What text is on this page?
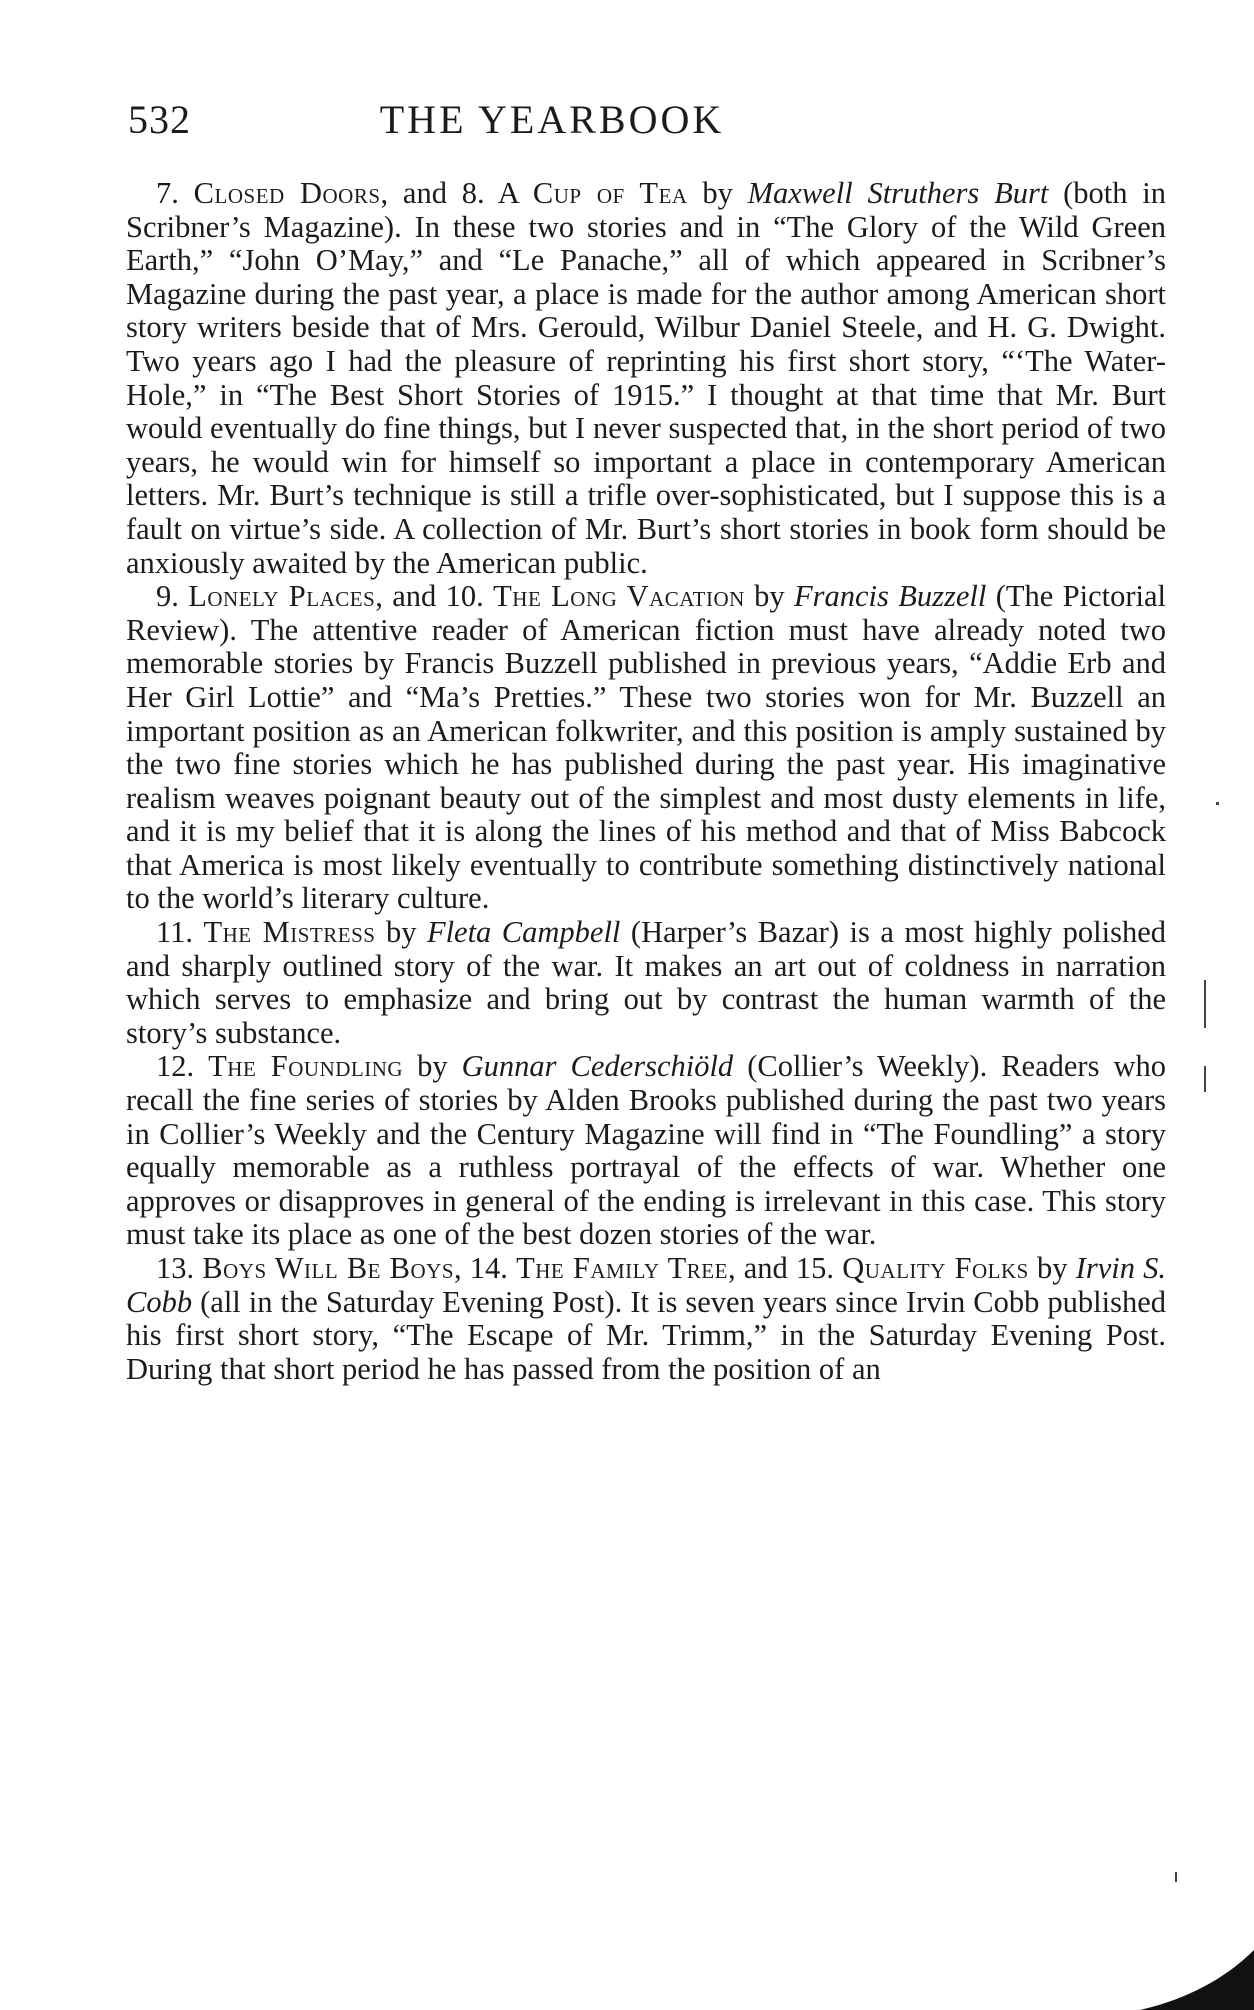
532	THE YEARBOOK

7. Closed Doors, and 8. A Cup of Tea by Maxwell Struthers Burt (both in Scribner’s Magazine). In these two stories and in “The Glory of the Wild Green Earth,” “John O’May,” and “Le Panache,” all of which appeared in Scribner’s Magazine during the past year, a place is made for the author among American short story writers beside that of Mrs. Gerould, Wilbur Daniel Steele, and H. G. Dwight. Two years ago I had the pleasure of reprinting his first short story, “‘The Water-Hole,” in “The Best Short Stories of 1915.” I thought at that time that Mr. Burt would eventually do fine things, but I never suspected that, in the short period of two years, he would win for himself so important a place in contemporary American letters. Mr. Burt’s technique is still a trifle over-sophisticated, but I suppose this is a fault on virtue’s side. A collection of Mr. Burt’s short stories in book form should be anxiously awaited by the American public.

9. Lonely Places, and 10. The Long Vacation by Francis Buzzell (The Pictorial Review). The attentive reader of American fiction must have already noted two memorable stories by Francis Buzzell published in previous years, “Addie Erb and Her Girl Lottie” and “Ma’s Pretties.” These two stories won for Mr. Buzzell an important position as an American folkwriter, and this position is amply sustained by the two fine stories which he has published during the past year. His imaginative realism weaves poignant beauty out of the simplest and most dusty elements in life, and it is my belief that it is along the lines of his method and that of Miss Babcock that America is most likely eventually to contribute something distinctively national to the world’s literary culture.

11. The Mistress by Fleta Campbell (Harper’s Bazar) is a most highly polished and sharply outlined story of the war. It makes an art out of coldness in narration which serves to emphasize and bring out by contrast the human warmth of the story’s substance.

12. The Foundling by Gunnar Cederschiöld (Collier’s Weekly). Readers who recall the fine series of stories by Alden Brooks published during the past two years in Collier’s Weekly and the Century Magazine will find in “The Foundling” a story equally memorable as a ruthless portrayal of the effects of war. Whether one approves or disapproves in general of the ending is irrelevant in this case. This story must take its place as one of the best dozen stories of the war.

13. Boys Will Be Boys, 14. The Family Tree, and 15. Quality Folks by Irvin S. Cobb (all in the Saturday Evening Post). It is seven years since Irvin Cobb published his first short story, “The Escape of Mr. Trimm,” in the Saturday Evening Post. During that short period he has passed from the position of an
